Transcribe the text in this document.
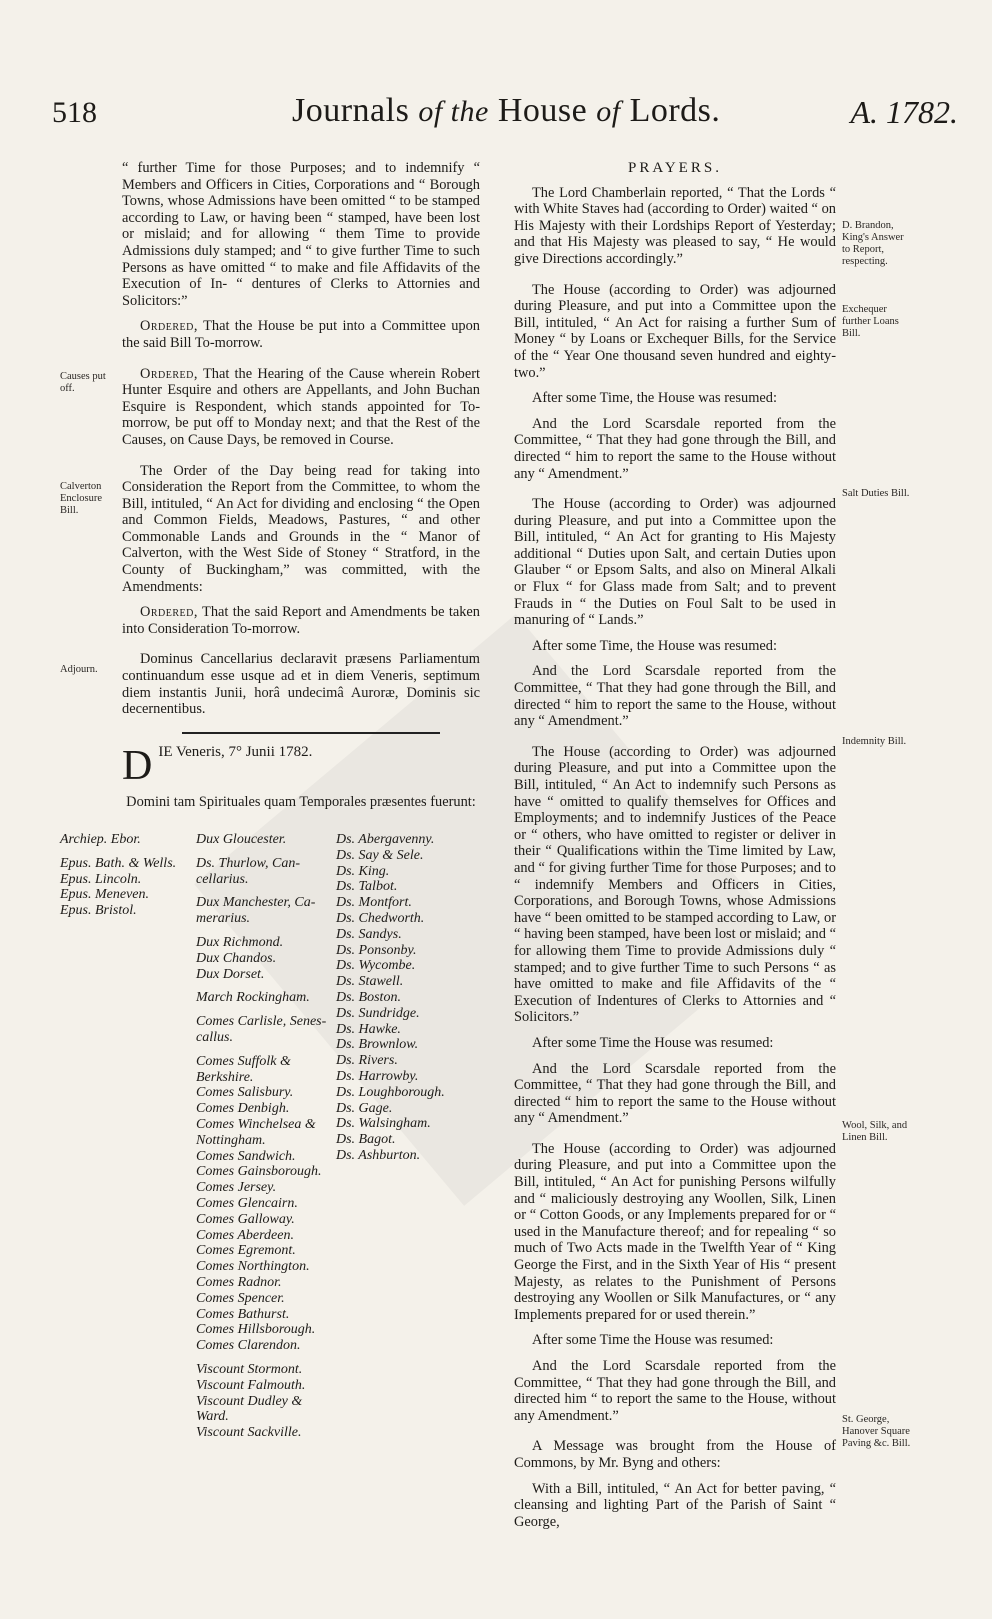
518	Journals of the House of Lords.	A. 1782.

“ further Time for those Purposes; and to indemnify “ Members and Officers in Cities, Corporations and “ Borough Towns, whose Admissions have been omitted “ to be stamped according to Law, or having been “ stamped, have been lost or mislaid; and for allowing “ them Time to provide Admissions duly stamped; and “ to give further Time to such Persons as have omitted “ to make and file Affidavits of the Execution of In- “ dentures of Clerks to Attornies and Solicitors:”

Ordered, That the House be put into a Committee upon the said Bill To-morrow.

Ordered, That the Hearing of the Cause wherein Robert Hunter Esquire and others are Appellants, and John Buchan Esquire is Respondent, which stands appointed for To-morrow, be put off to Monday next; and that the Rest of the Causes, on Cause Days, be removed in Course.

The Order of the Day being read for taking into Consideration the Report from the Committee, to whom the Bill, intituled, “ An Act for dividing and enclosing “ the Open and Common Fields, Meadows, Pastures, “ and other Commonable Lands and Grounds in the “ Manor of Calverton, with the West Side of Stoney “ Stratford, in the County of Buckingham,” was committed, with the Amendments:

Ordered, That the said Report and Amendments be taken into Consideration To-morrow.

Dominus Cancellarius declaravit præsens Parliamentum continuandum esse usque ad et in diem Veneris, septimum diem instantis Junii, horâ undecimâ Auroræ, Dominis sic decernentibus.

D IE Veneris, 7° Junii 1782.
Domini tam Spirituales quam Temporales præsentes fuerunt:
Causes put off.
Calverton Enclosure Bill.
Adjourn.
Archiep. Ebor.
Epus. Bath. & Wells.
Epus. Lincoln.
Epus. Meneven.
Epus. Bristol.
Dux Gloucester.
Ds. Thurlow, Can-
cellarius.
Dux Manchester, Ca-
merarius.
Dux Richmond.
Dux Chandos.
Dux Dorset.
March Rockingham.
Comes Carlisle, Senes-
callus.
Comes Suffolk &
Berkshire.
Comes Salisbury.
Comes Denbigh.
Comes Winchelsea &
Nottingham.
Comes Sandwich.
Comes Gainsborough.
Comes Jersey.
Comes Glencairn.
Comes Galloway.
Comes Aberdeen.
Comes Egremont.
Comes Northington.
Comes Radnor.
Comes Spencer.
Comes Bathurst.
Comes Hillsborough.
Comes Clarendon.
Viscount Stormont.
Viscount Falmouth.
Viscount Dudley &
Ward.
Viscount Sackville.
Ds. Abergavenny.
Ds. Say & Sele.
Ds. King.
Ds. Talbot.
Ds. Montfort.
Ds. Chedworth.
Ds. Sandys.
Ds. Ponsonby.
Ds. Wycombe.
Ds. Stawell.
Ds. Boston.
Ds. Sundridge.
Ds. Hawke.
Ds. Brownlow.
Ds. Rivers.
Ds. Harrowby.
Ds. Loughborough.
Ds. Gage.
Ds. Walsingham.
Ds. Bagot.
Ds. Ashburton.
PRAYERS.

The Lord Chamberlain reported, “ That the Lords “ with White Staves had (according to Order) waited “ on His Majesty with their Lordships Report of Yesterday; and that His Majesty was pleased to say, “ He would give Directions accordingly.”

The House (according to Order) was adjourned during Pleasure, and put into a Committee upon the Bill, intituled, “ An Act for raising a further Sum of Money “ by Loans or Exchequer Bills, for the Service of the “ Year One thousand seven hundred and eighty-two.”

After some Time, the House was resumed:

And the Lord Scarsdale reported from the Committee, “ That they had gone through the Bill, and directed “ him to report the same to the House without any “ Amendment.”

The House (according to Order) was adjourned during Pleasure, and put into a Committee upon the Bill, intituled, “ An Act for granting to His Majesty additional “ Duties upon Salt, and certain Duties upon Glauber “ or Epsom Salts, and also on Mineral Alkali or Flux “ for Glass made from Salt; and to prevent Frauds in “ the Duties on Foul Salt to be used in manuring of “ Lands.”

After some Time, the House was resumed:

And the Lord Scarsdale reported from the Committee, “ That they had gone through the Bill, and directed “ him to report the same to the House, without any “ Amendment.”

The House (according to Order) was adjourned during Pleasure, and put into a Committee upon the Bill, intituled, “ An Act to indemnify such Persons as have “ omitted to qualify themselves for Offices and Employments; and to indemnify Justices of the Peace or “ others, who have omitted to register or deliver in their “ Qualifications within the Time limited by Law, and “ for giving further Time for those Purposes; and to “ indemnify Members and Officers in Cities, Corporations, and Borough Towns, whose Admissions have “ been omitted to be stamped according to Law, or “ having been stamped, have been lost or mislaid; and “ for allowing them Time to provide Admissions duly “ stamped; and to give further Time to such Persons “ as have omitted to make and file Affidavits of the “ Execution of Indentures of Clerks to Attornies and “ Solicitors.”

After some Time the House was resumed:

And the Lord Scarsdale reported from the Committee, “ That they had gone through the Bill, and directed “ him to report the same to the House without any “ Amendment.”

The House (according to Order) was adjourned during Pleasure, and put into a Committee upon the Bill, intituled, “ An Act for punishing Persons wilfully and “ maliciously destroying any Woollen, Silk, Linen or “ Cotton Goods, or any Implements prepared for or “ used in the Manufacture thereof; and for repealing “ so much of Two Acts made in the Twelfth Year of “ King George the First, and in the Sixth Year of His “ present Majesty, as relates to the Punishment of Persons destroying any Woollen or Silk Manufactures, or “ any Implements prepared for or used therein.”

After some Time the House was resumed:

And the Lord Scarsdale reported from the Committee, “ That they had gone through the Bill, and directed him “ to report the same to the House, without any Amendment.”

A Message was brought from the House of Commons, by Mr. Byng and others:

With a Bill, intituled, “ An Act for better paving, “ cleansing and lighting Part of the Parish of Saint “ George,

D. Brandon, King's Answer to Report, respecting.
Exchequer further Loans Bill.
Salt Duties Bill.
Indemnity Bill.
Wool, Silk, and Linen Bill.
St. George, Hanover Square Paving &c. Bill.
